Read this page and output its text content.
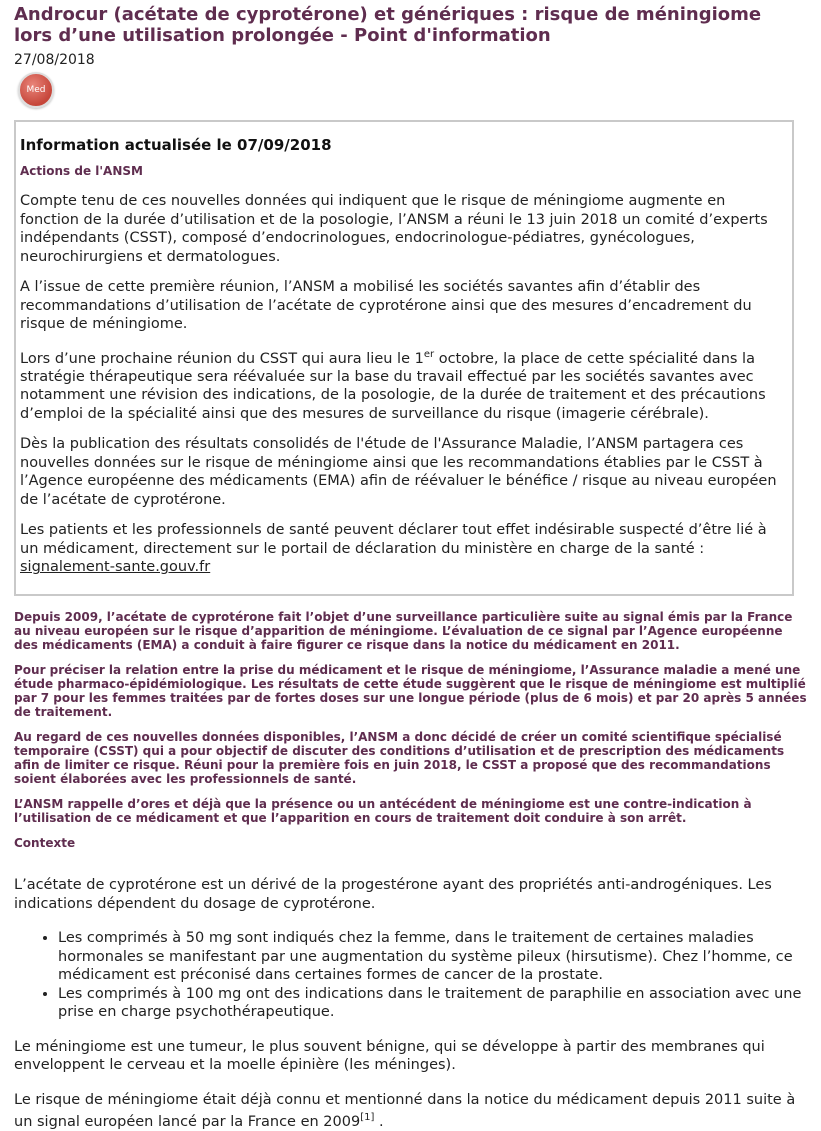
Androcur (acétate de cyprotérone) et génériques : risque de méningiome lors d’une utilisation prolongée - Point d'information
27/08/2018
Med

Information actualisée le 07/09/2018

Actions de l'ANSM

Compte tenu de ces nouvelles données qui indiquent que le risque de méningiome augmente en fonction de la durée d’utilisation et de la posologie, l’ANSM a réuni le 13 juin 2018 un comité d’experts indépendants (CSST), composé d’endocrinologues, endocrinologue-pédiatres, gynécologues, neurochirurgiens et dermatologues.

A l’issue de cette première réunion, l’ANSM a mobilisé les sociétés savantes afin d’établir des recommandations d’utilisation de l’acétate de cyprotérone ainsi que des mesures d’encadrement du risque de méningiome.

Lors d’une prochaine réunion du CSST qui aura lieu le 1er octobre, la place de cette spécialité dans la stratégie thérapeutique sera réévaluée sur la base du travail effectué par les sociétés savantes avec notamment une révision des indications, de la posologie, de la durée de traitement et des précautions d’emploi de la spécialité ainsi que des mesures de surveillance du risque (imagerie cérébrale).

Dès la publication des résultats consolidés de l'étude de l'Assurance Maladie, l’ANSM partagera ces nouvelles données sur le risque de méningiome ainsi que les recommandations établies par le CSST à l’Agence européenne des médicaments (EMA) afin de réévaluer le bénéfice / risque au niveau européen de l’acétate de cyprotérone.

Les patients et les professionnels de santé peuvent déclarer tout effet indésirable suspecté d’être lié à un médicament, directement sur le portail de déclaration du ministère en charge de la santé : signalement-sante.gouv.fr

Depuis 2009, l’acétate de cyprotérone fait l’objet d’une surveillance particulière suite au signal émis par la France au niveau européen sur le risque d’apparition de méningiome. L’évaluation de ce signal par l’Agence européenne des médicaments (EMA) a conduit à faire figurer ce risque dans la notice du médicament en 2011.

Pour préciser la relation entre la prise du médicament et le risque de méningiome, l’Assurance maladie a mené une étude pharmaco-épidémiologique. Les résultats de cette étude suggèrent que le risque de méningiome est multiplié par 7 pour les femmes traitées par de fortes doses sur une longue période (plus de 6 mois) et par 20 après 5 années de traitement.

Au regard de ces nouvelles données disponibles, l’ANSM a donc décidé de créer un comité scientifique spécialisé temporaire (CSST) qui a pour objectif de discuter des conditions d’utilisation et de prescription des médicaments afin de limiter ce risque. Réuni pour la première fois en juin 2018, le CSST a proposé que des recommandations soient élaborées avec les professionnels de santé.

L’ANSM rappelle d’ores et déjà que la présence ou un antécédent de méningiome est une contre-indication à l’utilisation de ce médicament et que l’apparition en cours de traitement doit conduire à son arrêt.

Contexte

L’acétate de cyprotérone est un dérivé de la progestérone ayant des propriétés anti-androgéniques. Les indications dépendent du dosage de cyprotérone.

• Les comprimés à 50 mg sont indiqués chez la femme, dans le traitement de certaines maladies hormonales se manifestant par une augmentation du système pileux (hirsutisme). Chez l’homme, ce médicament est préconisé dans certaines formes de cancer de la prostate.
• Les comprimés à 100 mg ont des indications dans le traitement de paraphilie en association avec une prise en charge psychothérapeutique.

Le méningiome est une tumeur, le plus souvent bénigne, qui se développe à partir des membranes qui enveloppent le cerveau et la moelle épinière (les méninges).

Le risque de méningiome était déjà connu et mentionné dans la notice du médicament depuis 2011 suite à un signal européen lancé par la France en 2009[1] .
